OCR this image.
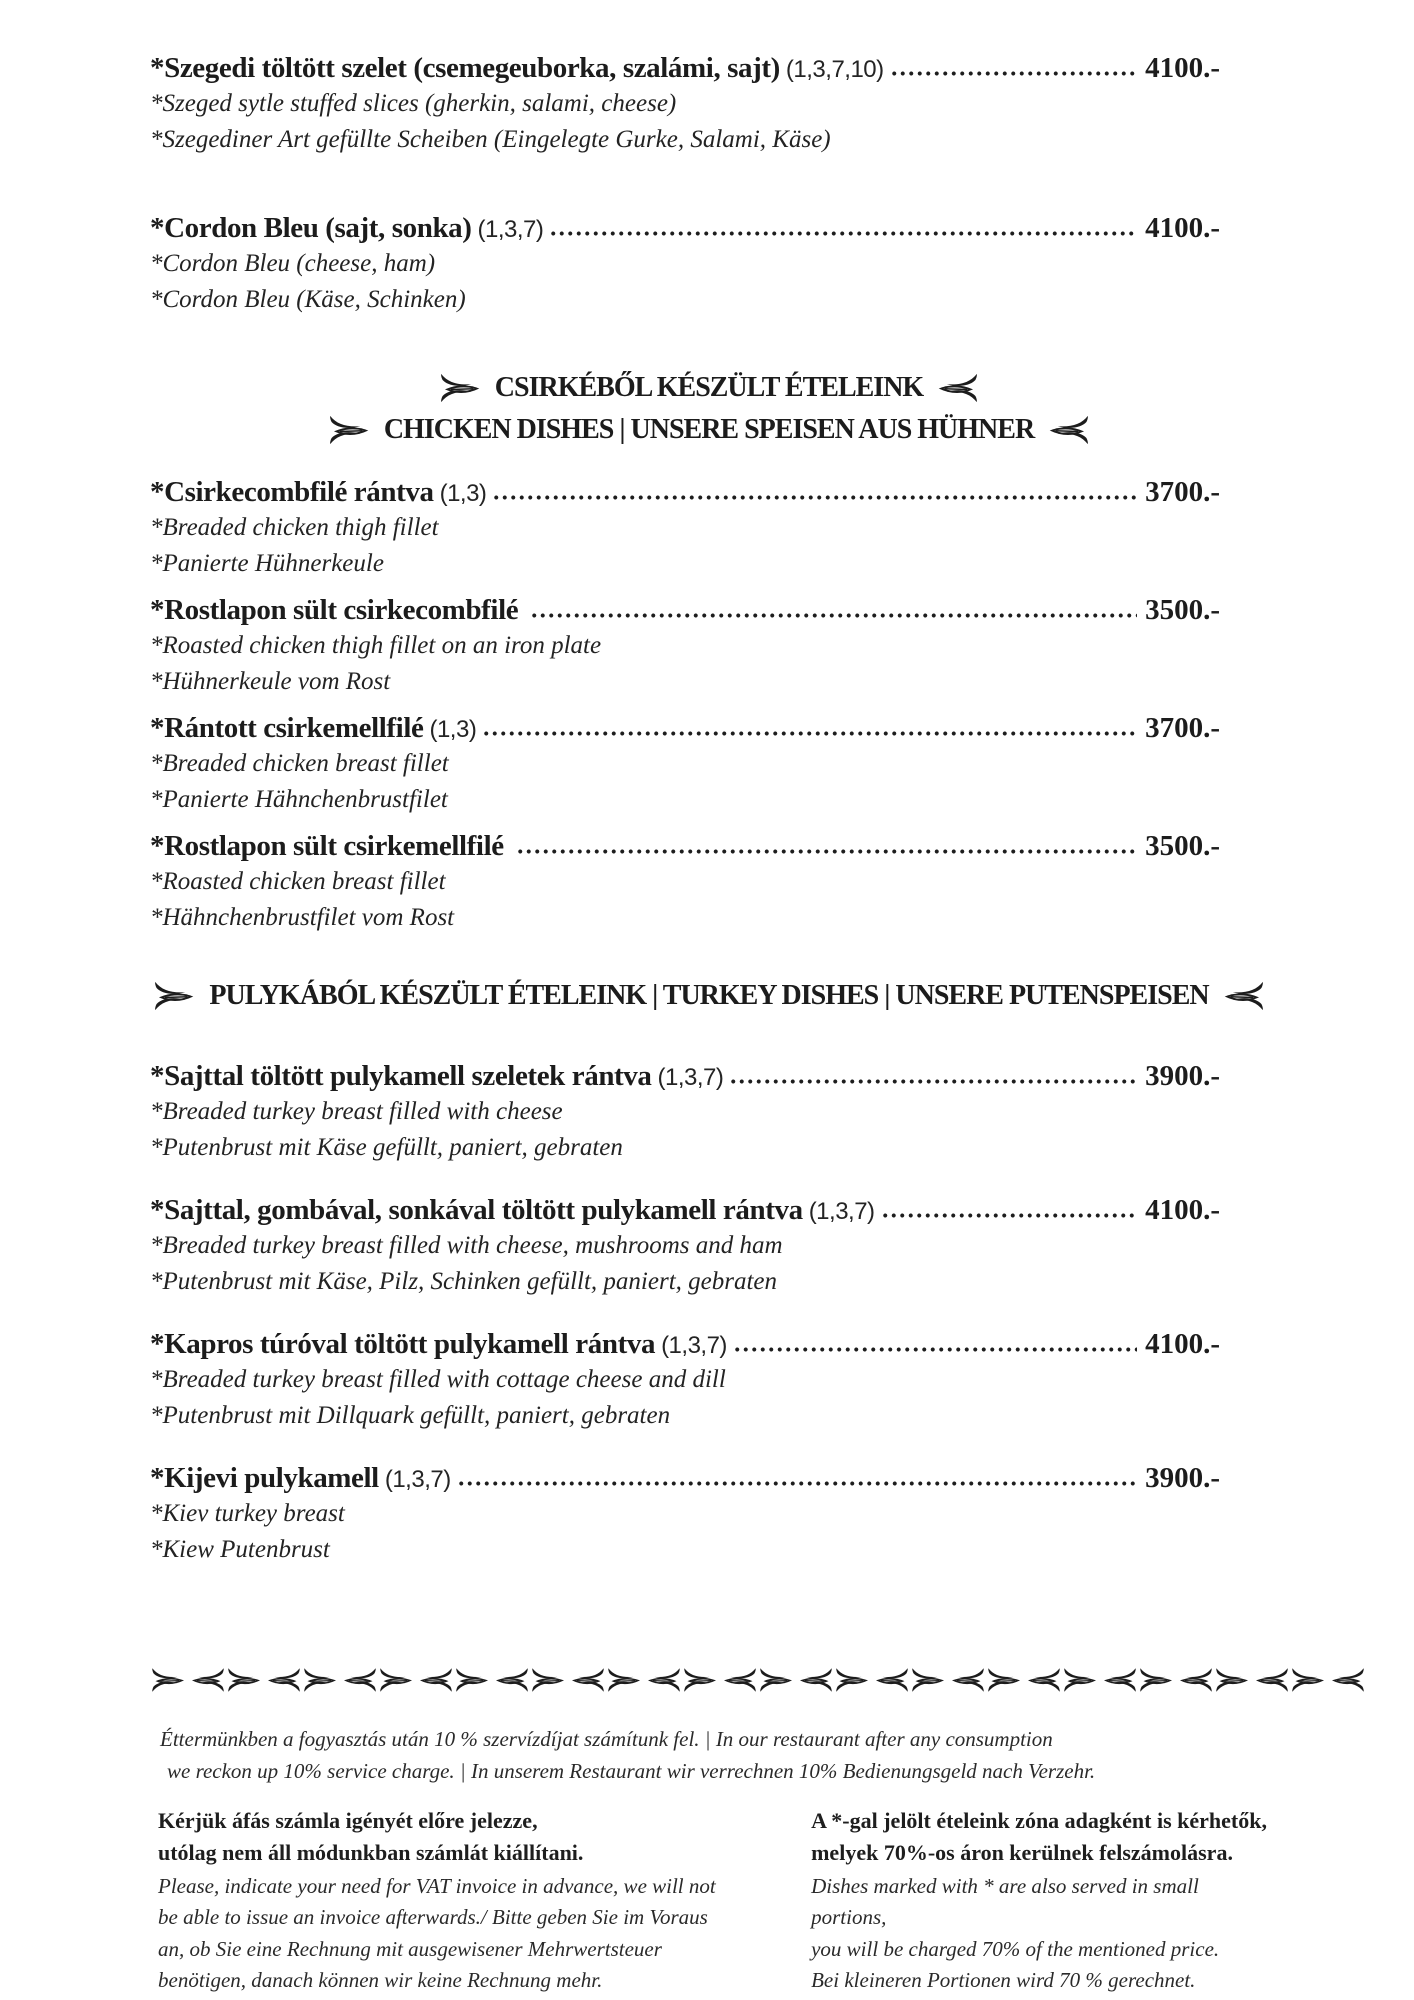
*Szegedi töltött szelet (csemegeuborka, szalámi, sajt) (1,3,7,10)	4100.-
*Szeged sytle stuffed slices (gherkin, salami, cheese)
*Szegediner Art gefüllte Scheiben (Eingelegte Gurke, Salami, Käse)
*Cordon Bleu (sajt, sonka) (1,3,7)	4100.-
*Cordon Bleu (cheese, ham)
*Cordon Bleu (Käse, Schinken)
CSIRKÉBŐL KÉSZÜLT ÉTELEINK
CHICKEN DISHES | UNSERE SPEISEN AUS HÜHNER
*Csirkecombfilé rántva (1,3)	3700.-
*Breaded chicken thigh fillet
*Panierte Hühnerkeule
*Rostlapon sült csirkecombfilé	3500.-
*Roasted chicken thigh fillet on an iron plate
*Hühnerkeule vom Rost
*Rántott csirkemellfilé (1,3)	3700.-
*Breaded chicken breast fillet
*Panierte Hähnchenbrustfilet
*Rostlapon sült csirkemellfilé	3500.-
*Roasted chicken breast fillet
*Hähnchenbrustfilet vom Rost
PULYKÁBÓL KÉSZÜLT ÉTELEINK | TURKEY DISHES | UNSERE PUTENSPEISEN
*Sajttal töltött pulykamell szeletek rántva (1,3,7)	3900.-
*Breaded turkey breast filled with cheese
*Putenbrust mit Käse gefüllt, paniert, gebraten
*Sajttal, gombával, sonkával töltött pulykamell rántva (1,3,7)	4100.-
*Breaded turkey breast filled with cheese, mushrooms and ham
*Putenbrust mit Käse, Pilz, Schinken gefüllt, paniert, gebraten
*Kapros túróval töltött pulykamell rántva (1,3,7)	4100.-
*Breaded turkey breast filled with cottage cheese and dill
*Putenbrust mit Dillquark gefüllt, paniert, gebraten
*Kijevi pulykamell (1,3,7)	3900.-
*Kiev turkey breast
*Kiew Putenbrust
Éttermünkben a fogyasztás után 10 % szervízdíjat számítunk fel. | In our restaurant after any consumption
we reckon up 10% service charge. | In unserem Restaurant wir verrechnen 10% Bedienungsgeld nach Verzehr.
Kérjük áfás számla igényét előre jelezze,
utólag nem áll módunkban számlát kiállítani.
Please, indicate your need for VAT invoice in advance, we will not be able to issue an invoice afterwards./ Bitte geben Sie im Voraus an, ob Sie eine Rechnung mit ausgewisener Mehrwertsteuer benötigen, danach können wir keine Rechnung mehr.
A *-gal jelölt ételeink zóna adagként is kérhetők,
melyek 70%-os áron kerülnek felszámolásra.
Dishes marked with * are also served in small portions,
you will be charged 70% of the mentioned price.
Bei kleineren Portionen wird 70 % gerechnet.
